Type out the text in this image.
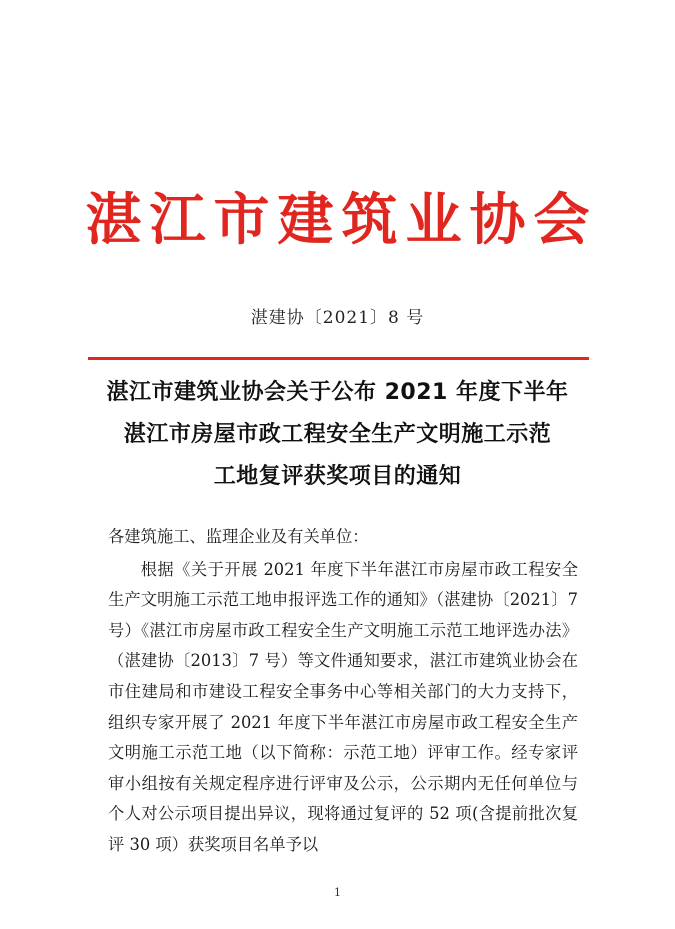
湛江市建筑业协会
湛建协〔2021〕8 号
湛江市建筑业协会关于公布 2021 年度下半年
湛江市房屋市政工程安全生产文明施工示范
工地复评获奖项目的通知

各建筑施工、监理企业及有关单位：

根据《关于开展 2021 年度下半年湛江市房屋市政工程安全生产文明施工示范工地申报评选工作的通知》（湛建协〔2021〕7 号）《湛江市房屋市政工程安全生产文明施工示范工地评选办法》（湛建协〔2013〕7 号）等文件通知要求，湛江市建筑业协会在市住建局和市建设工程安全事务中心等相关部门的大力支持下，组织专家开展了 2021 年度下半年湛江市房屋市政工程安全生产文明施工示范工地（以下简称：示范工地）评审工作。经专家评审小组按有关规定程序进行评审及公示，公示期内无任何单位与个人对公示项目提出异议，现将通过复评的 52 项(含提前批次复评 30 项）获奖项目名单予以

1
